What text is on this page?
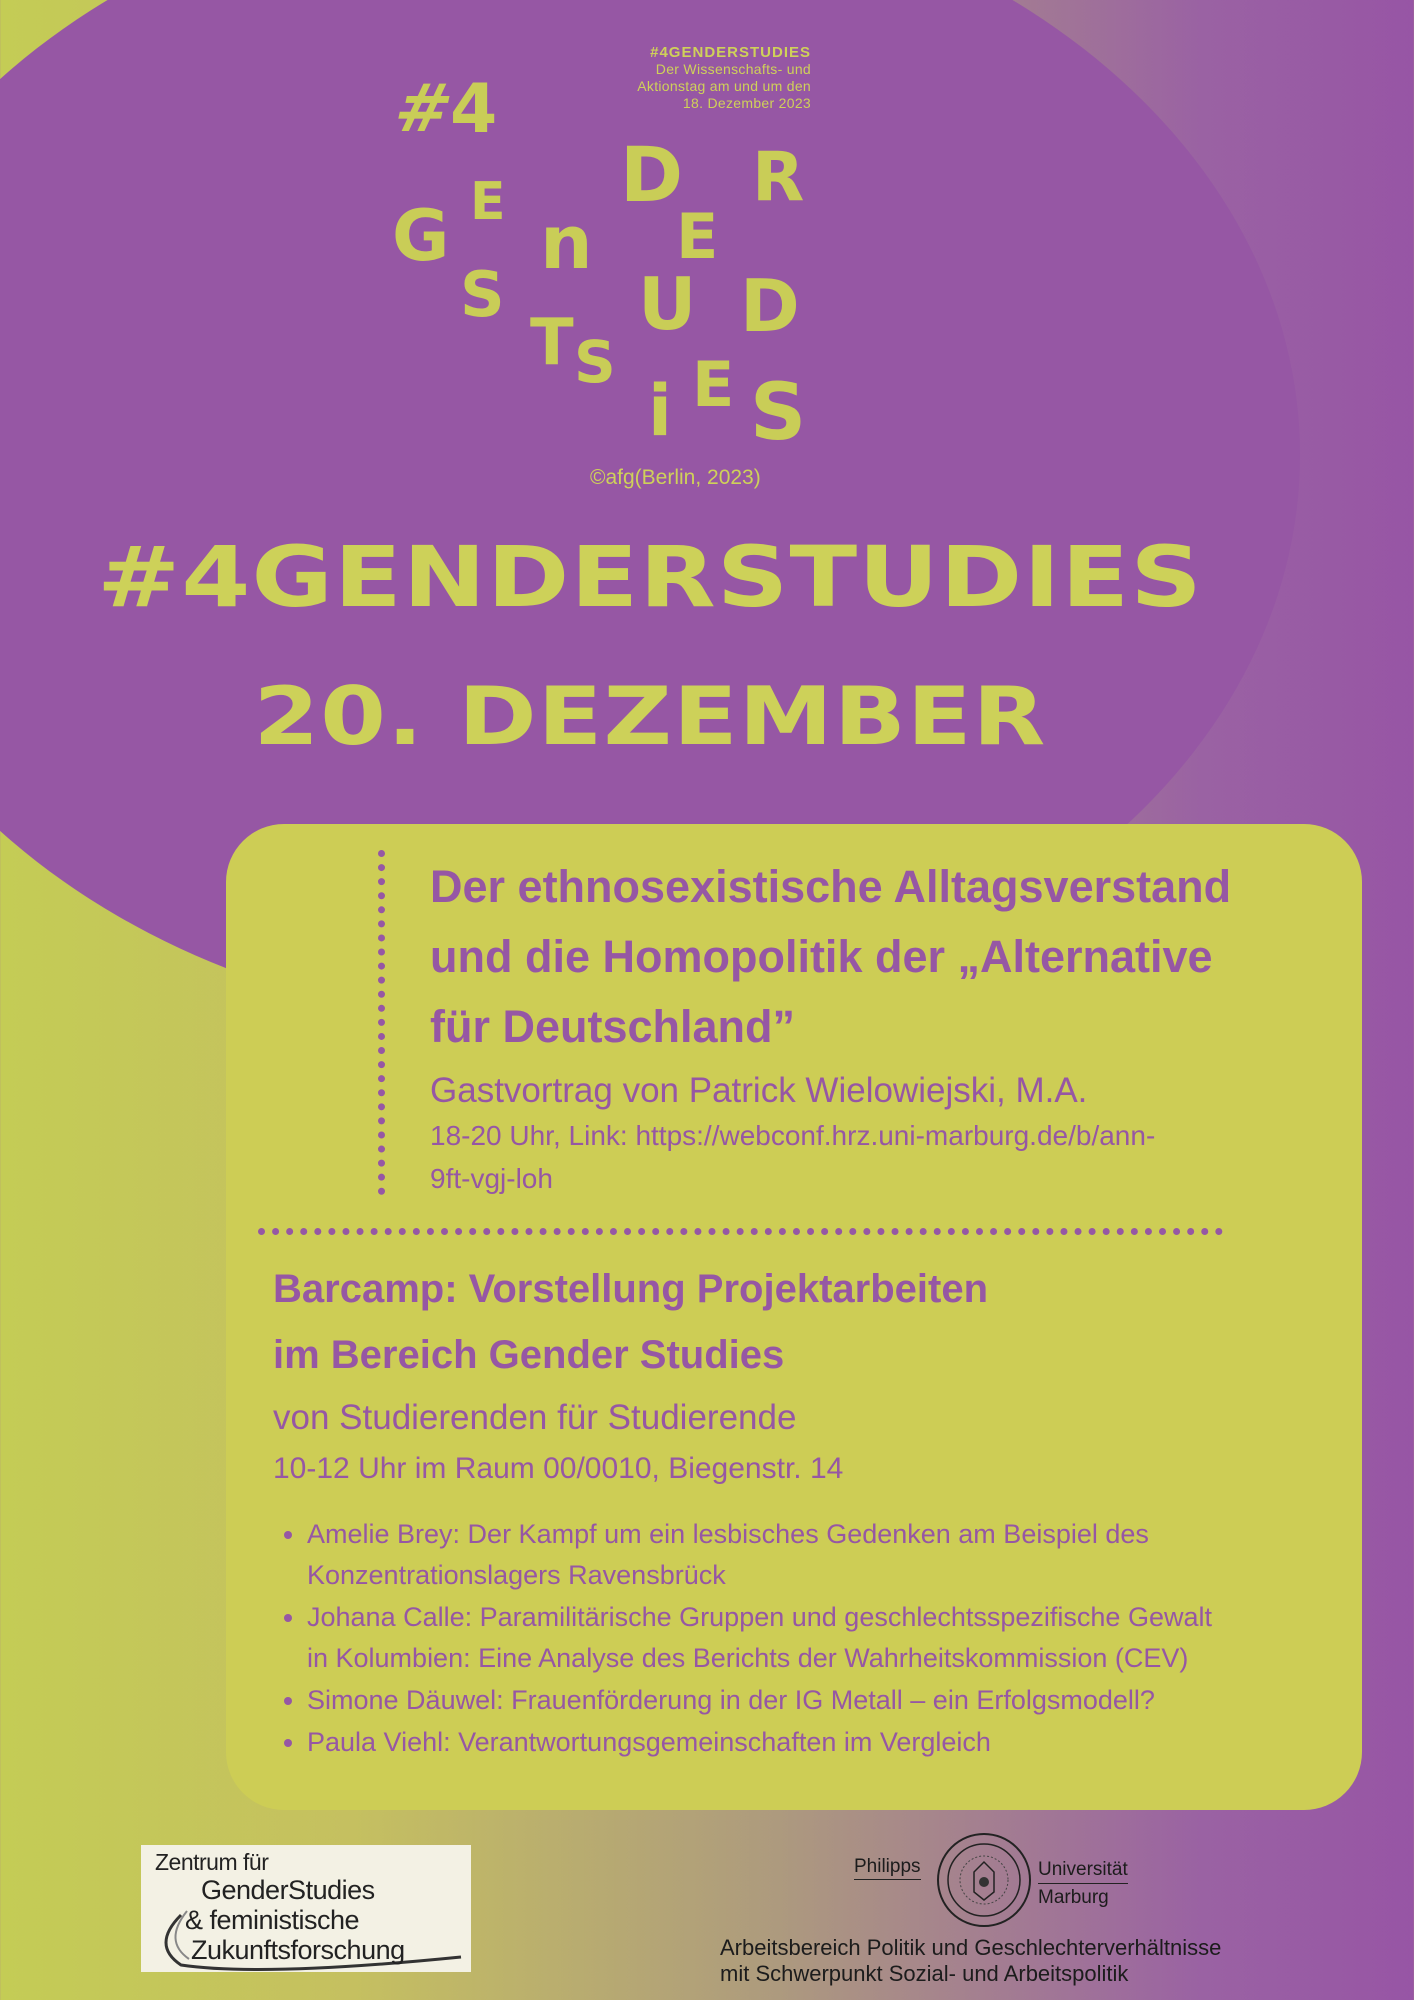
#4GENDERSTUDIES
Der Wissenschafts- und
Aktionstag am und um den
18. Dezember 2023
#
4
E
G n
D
E
R
S U D
T S
i E S
©afg(Berlin, 2023)
#4GENDERSTUDIES
20. DEZEMBER
Der ethnosexistische Alltagsverstand
und die Homopolitik der „Alternative
für Deutschland”
Gastvortrag von Patrick Wielowiejski, M.A.
18-20 Uhr, Link: https://webconf.hrz.uni-marburg.de/b/ann-
9ft-vgj-loh
Barcamp: Vorstellung Projektarbeiten
im Bereich Gender Studies
von Studierenden für Studierende
10-12 Uhr im Raum 00/0010, Biegenstr. 14
• Amelie Brey: Der Kampf um ein lesbisches Gedenken am Beispiel des
Konzentrationslagers Ravensbrück
• Johana Calle: Paramilitärische Gruppen und geschlechtsspezifische Gewalt
in Kolumbien: Eine Analyse des Berichts der Wahrheitskommission (CEV)
• Simone Däuwel: Frauenförderung in der IG Metall – ein Erfolgsmodell?
• Paula Viehl: Verantwortungsgemeinschaften im Vergleich
Zentrum für
GenderStudies
& feministische
Zukunftsforschung
Philipps	Universität
Marburg
Arbeitsbereich Politik und Geschlechterverhältnisse
mit Schwerpunkt Sozial- und Arbeitspolitik
